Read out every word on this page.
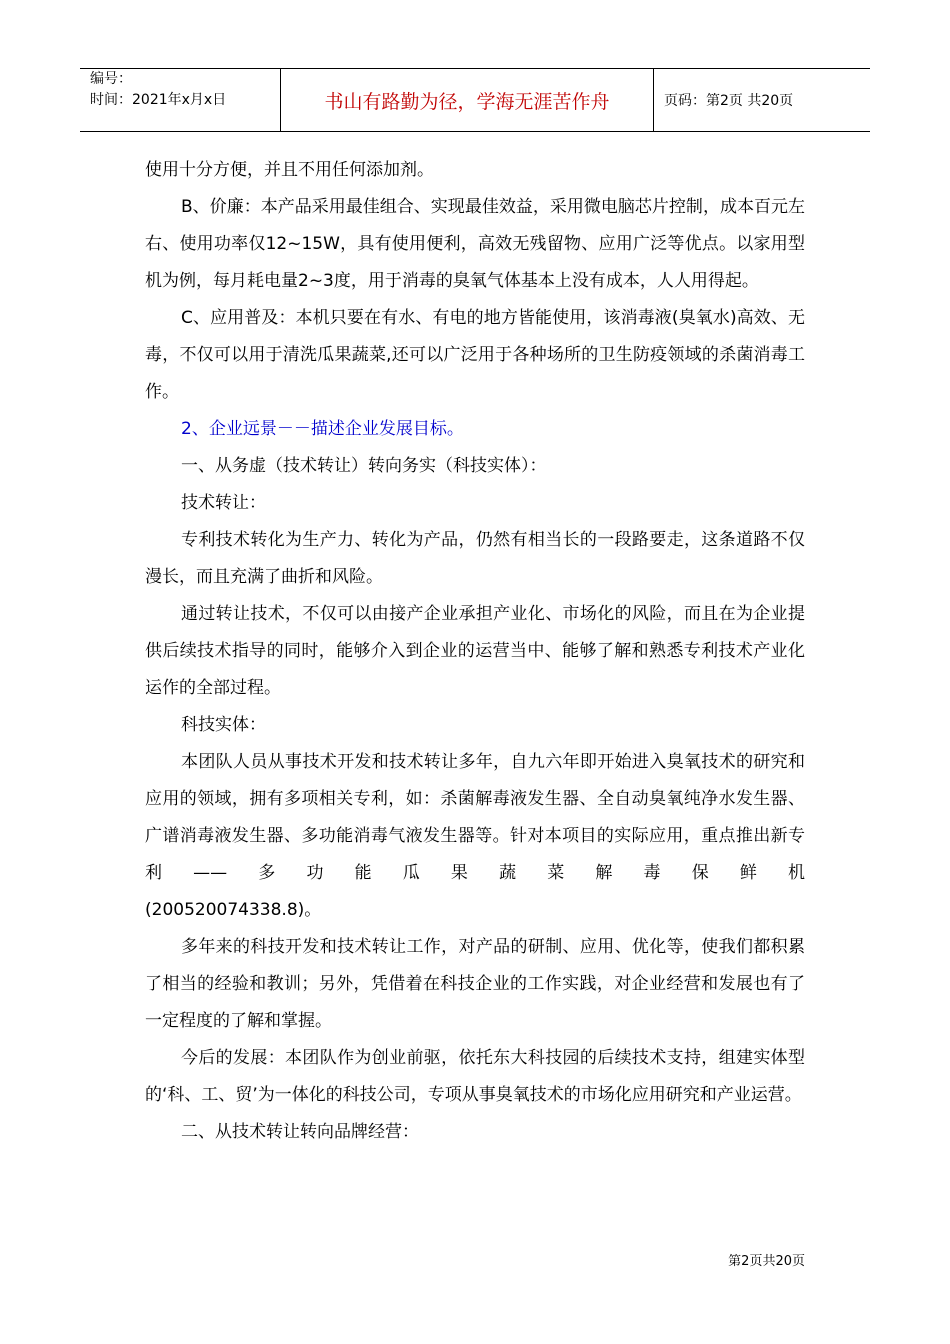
编号：
时间：2021年x月x日	书山有路勤为径，学海无涯苦作舟	页码：第2页 共20页

使用十分方便，并且不用任何添加剂。

B、价廉：本产品采用最佳组合、实现最佳效益，采用微电脑芯片控制，成本百元左右、使用功率仅12~15W，具有使用便利，高效无残留物、应用广泛等优点。以家用型机为例，每月耗电量2~3度，用于消毒的臭氧气体基本上没有成本，人人用得起。

C、应用普及：本机只要在有水、有电的地方皆能使用，该消毒液(臭氧水)高效、无毒，不仅可以用于清洗瓜果蔬菜,还可以广泛用于各种场所的卫生防疫领域的杀菌消毒工作。

2、企业远景－－描述企业发展目标。

一、从务虚（技术转让）转向务实（科技实体）：

技术转让：

专利技术转化为生产力、转化为产品，仍然有相当长的一段路要走，这条道路不仅漫长，而且充满了曲折和风险。

通过转让技术，不仅可以由接产企业承担产业化、市场化的风险，而且在为企业提供后续技术指导的同时，能够介入到企业的运营当中、能够了解和熟悉专利技术产业化运作的全部过程。

科技实体：

本团队人员从事技术开发和技术转让多年，自九六年即开始进入臭氧技术的研究和应用的领域，拥有多项相关专利，如：杀菌解毒液发生器、全自动臭氧纯净水发生器、广谱消毒液发生器、多功能消毒气液发生器等。针对本项目的实际应用，重点推出新专利——多功能瓜果蔬菜解毒保鲜机

(200520074338.8)。

多年来的科技开发和技术转让工作，对产品的研制、应用、优化等，使我们都积累了相当的经验和教训；另外，凭借着在科技企业的工作实践，对企业经营和发展也有了一定程度的了解和掌握。

今后的发展：本团队作为创业前驱，依托东大科技园的后续技术支持，组建实体型的‘科、工、贸’为一体化的科技公司，专项从事臭氧技术的市场化应用研究和产业运营。

二、从技术转让转向品牌经营：

第2页共20页
